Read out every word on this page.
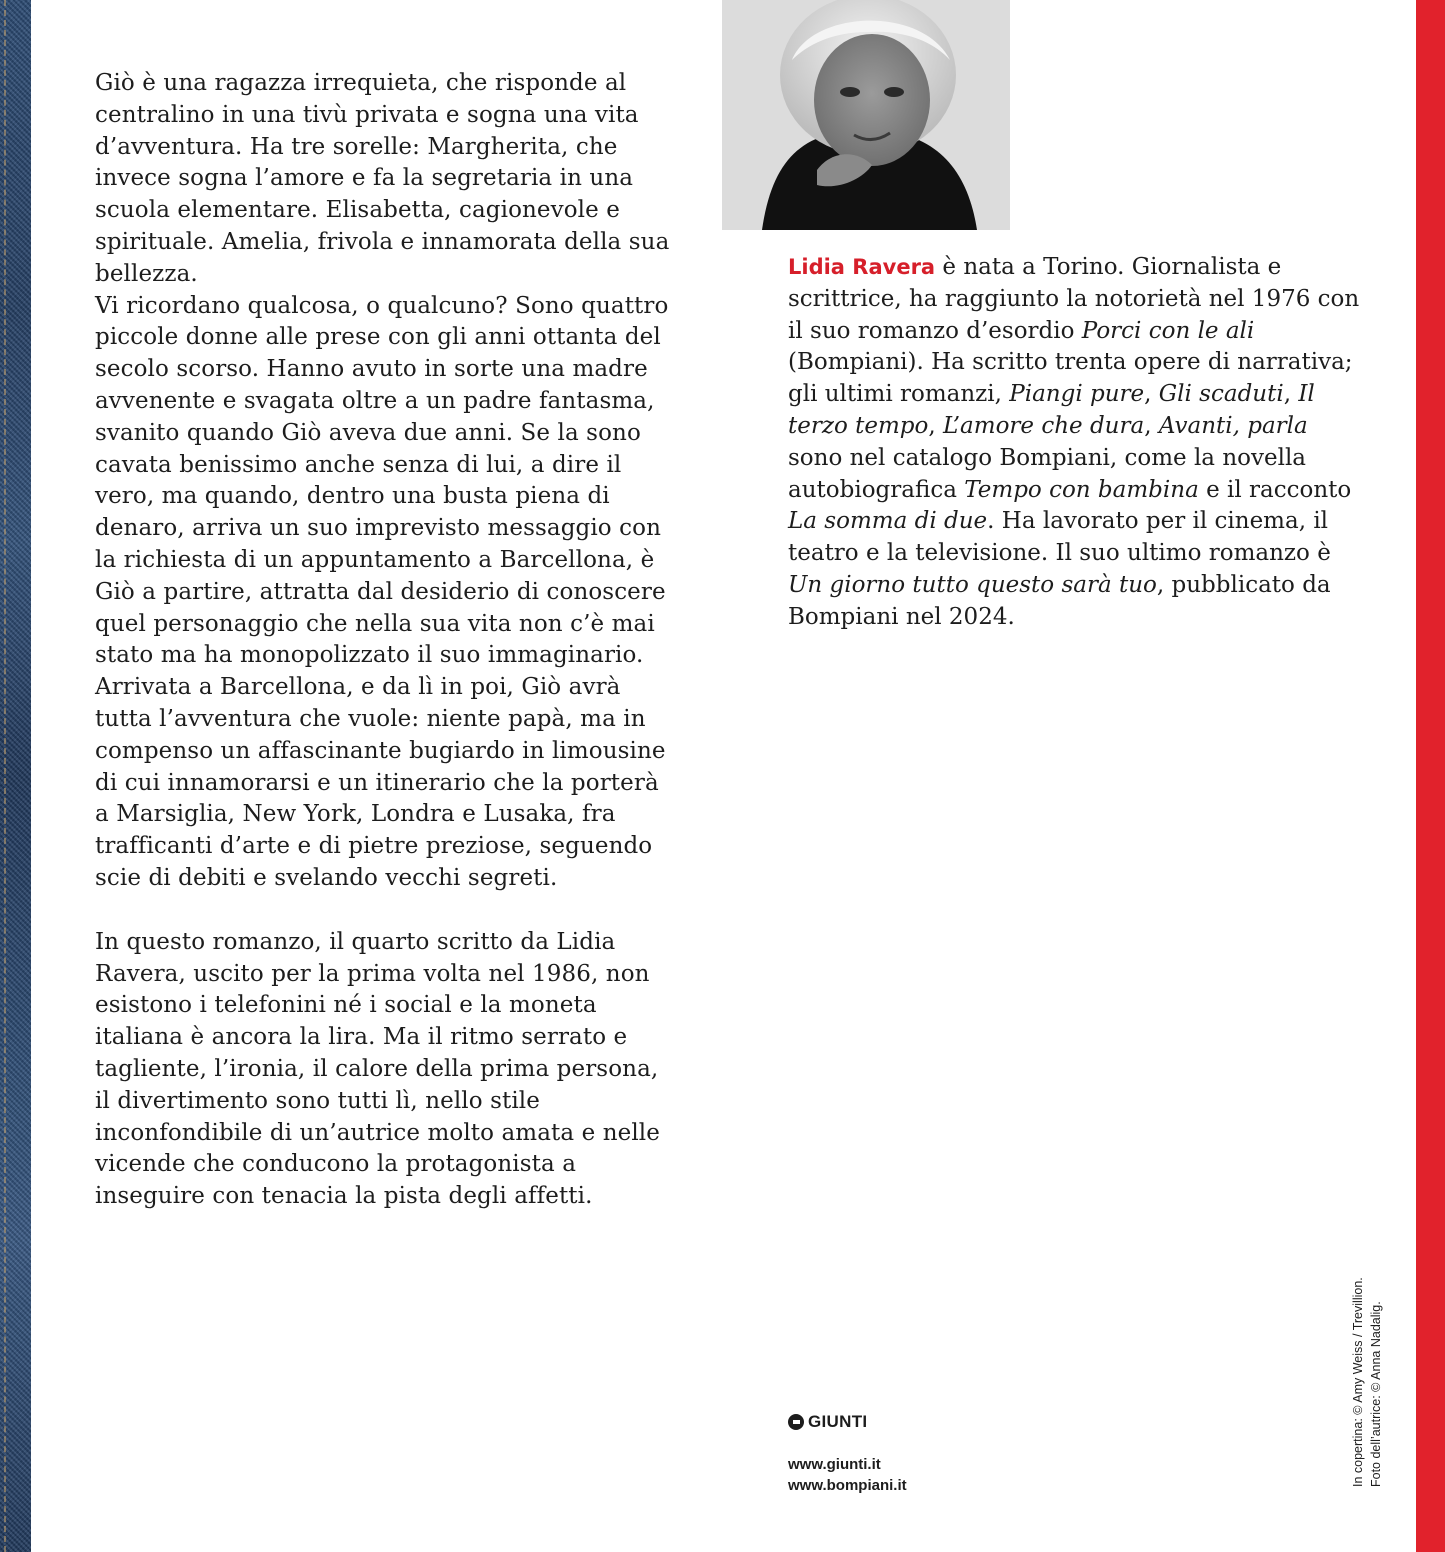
Giò è una ragazza irrequieta, che risponde al centralino in una tivù privata e sogna una vita d’avventura. Ha tre sorelle: Margherita, che invece sogna l’amore e fa la segretaria in una scuola elementare. Elisabetta, cagionevole e spirituale. Amelia, frivola e innamorata della sua bellezza.

Vi ricordano qualcosa, o qualcuno? Sono quattro piccole donne alle prese con gli anni ottanta del secolo scorso. Hanno avuto in sorte una madre avvenente e svagata oltre a un padre fantasma, svanito quando Giò aveva due anni. Se la sono cavata benissimo anche senza di lui, a dire il vero, ma quando, dentro una busta piena di denaro, arriva un suo imprevisto messaggio con la richiesta di un appuntamento a Barcellona, è Giò a partire, attratta dal desiderio di conoscere quel personaggio che nella sua vita non c’è mai stato ma ha monopolizzato il suo immaginario. Arrivata a Barcellona, e da lì in poi, Giò avrà tutta l’avventura che vuole: niente papà, ma in compenso un affascinante bugiardo in limousine di cui innamorarsi e un itinerario che la porterà a Marsiglia, New York, Londra e Lusaka, fra trafficanti d’arte e di pietre preziose, seguendo scie di debiti e svelando vecchi segreti.

In questo romanzo, il quarto scritto da Lidia Ravera, uscito per la prima volta nel 1986, non esistono i telefonini né i social e la moneta italiana è ancora la lira. Ma il ritmo serrato e tagliente, l’ironia, il calore della prima persona, il divertimento sono tutti lì, nello stile inconfondibile di un’autrice molto amata e nelle vicende che conducono la protagonista a inseguire con tenacia la pista degli affetti.

Lidia Ravera è nata a Torino. Giornalista e scrittrice, ha raggiunto la notorietà nel 1976 con il suo romanzo d’esordio Porci con le ali (Bompiani). Ha scritto trenta opere di narrativa; gli ultimi romanzi, Piangi pure, Gli scaduti, Il terzo tempo, L’amore che dura, Avanti, parla sono nel catalogo Bompiani, come la novella autobiografica Tempo con bambina e il racconto La somma di due. Ha lavorato per il cinema, il teatro e la televisione. Il suo ultimo romanzo è Un giorno tutto questo sarà tuo, pubblicato da Bompiani nel 2024.

GIUNTI
www.giunti.it
www.bompiani.it	In copertina: © Amy Weiss / Trevillion. Foto dell’autrice: © Anna Nadalig.
